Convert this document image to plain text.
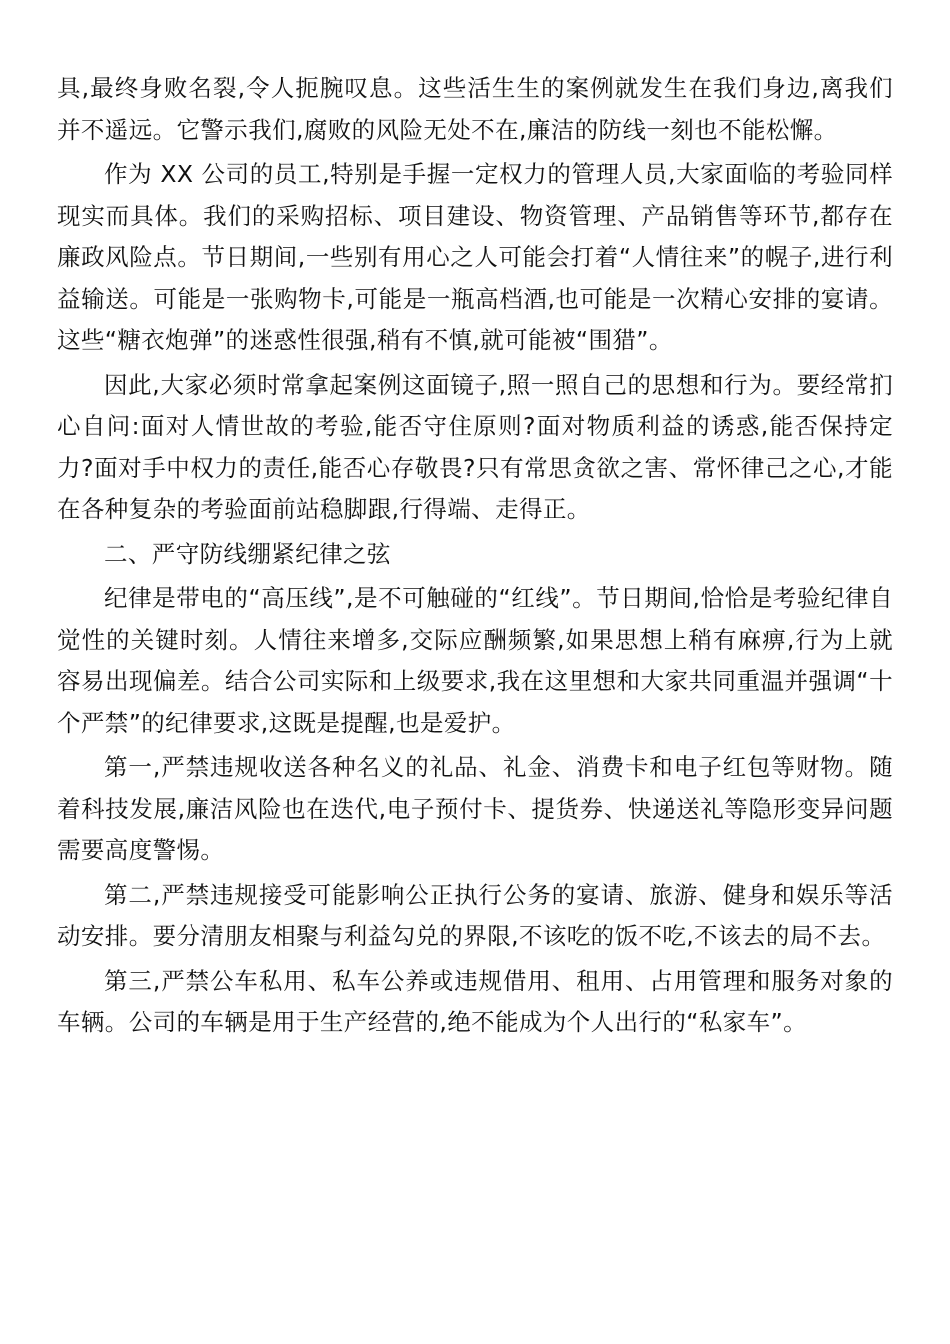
具,最终身败名裂,令人扼腕叹息。这些活生生的案例就发生在我们身边,离我们并不遥远。它警示我们,腐败的风险无处不在,廉洁的防线一刻也不能松懈。

作为 XX 公司的员工,特别是手握一定权力的管理人员,大家面临的考验同样现实而具体。我们的采购招标、项目建设、物资管理、产品销售等环节,都存在廉政风险点。节日期间,一些别有用心之人可能会打着“人情往来”的幌子,进行利益输送。可能是一张购物卡,可能是一瓶高档酒,也可能是一次精心安排的宴请。这些“糖衣炮弹”的迷惑性很强,稍有不慎,就可能被“围猎”。

因此,大家必须时常拿起案例这面镜子,照一照自己的思想和行为。要经常扪心自问:面对人情世故的考验,能否守住原则?面对物质利益的诱惑,能否保持定力?面对手中权力的责任,能否心存敬畏?只有常思贪欲之害、常怀律己之心,才能在各种复杂的考验面前站稳脚跟,行得端、走得正。

二、严守防线绷紧纪律之弦

纪律是带电的“高压线”,是不可触碰的“红线”。节日期间,恰恰是考验纪律自觉性的关键时刻。人情往来增多,交际应酬频繁,如果思想上稍有麻痹,行为上就容易出现偏差。结合公司实际和上级要求,我在这里想和大家共同重温并强调“十个严禁”的纪律要求,这既是提醒,也是爱护。

第一,严禁违规收送各种名义的礼品、礼金、消费卡和电子红包等财物。随着科技发展,廉洁风险也在迭代,电子预付卡、提货券、快递送礼等隐形变异问题需要高度警惕。

第二,严禁违规接受可能影响公正执行公务的宴请、旅游、健身和娱乐等活动安排。要分清朋友相聚与利益勾兑的界限,不该吃的饭不吃,不该去的局不去。

第三,严禁公车私用、私车公养或违规借用、租用、占用管理和服务对象的车辆。公司的车辆是用于生产经营的,绝不能成为个人出行的“私家车”。
